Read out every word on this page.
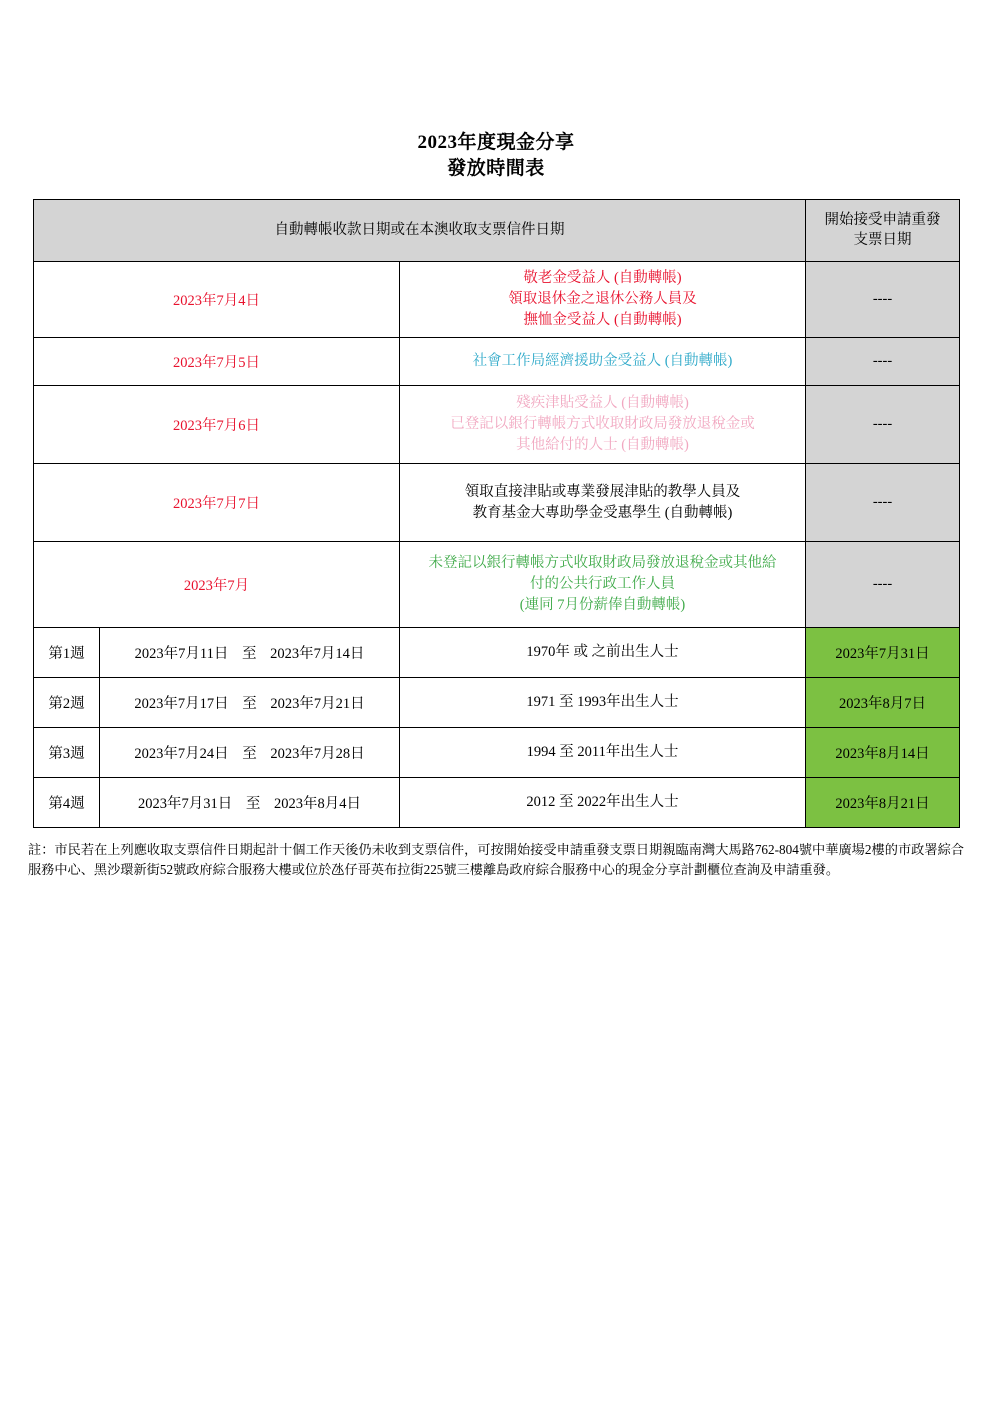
2023年度現金分享
發放時間表
自動轉帳收款日期或在本澳收取支票信件日期			開始接受申請重發
支票日期

2023年7月4日		敬老金受益人 (自動轉帳)
領取退休金之退休公務人員及
撫恤金受益人 (自動轉帳)	----
2023年7月5日		社會工作局經濟援助金受益人 (自動轉帳)	----
2023年7月6日		殘疾津貼受益人 (自動轉帳)
已登記以銀行轉帳方式收取財政局發放退稅金或
其他給付的人士 (自動轉帳)	----
2023年7月7日		領取直接津貼或專業發展津貼的教學人員及
教育基金大專助學金受惠學生 (自動轉帳)	----
2023年7月		未登記以銀行轉帳方式收取財政局發放退稅金或其他給
付的公共行政工作人員
(連同 7月份薪俸自動轉帳)	----
第1週	2023年7月11日 至 2023年7月14日	1970年 或 之前出生人士	2023年7月31日
第2週	2023年7月17日 至 2023年7月21日	1971 至 1993年出生人士	2023年8月7日
第3週	2023年7月24日 至 2023年7月28日	1994 至 2011年出生人士	2023年8月14日
第4週	2023年7月31日 至 2023年8月4日	2012 至 2022年出生人士	2023年8月21日
註：市民若在上列應收取支票信件日期起計十個工作天後仍未收到支票信件，可按開始接受申請重發支票日期親臨南灣大馬路762-804號中華廣場2樓的市政署綜合服務中心、黑沙環新街52號政府綜合服務大樓或位於氹仔哥英布拉街225號三樓離島政府綜合服務中心的現金分享計劃櫃位查詢及申請重發。
